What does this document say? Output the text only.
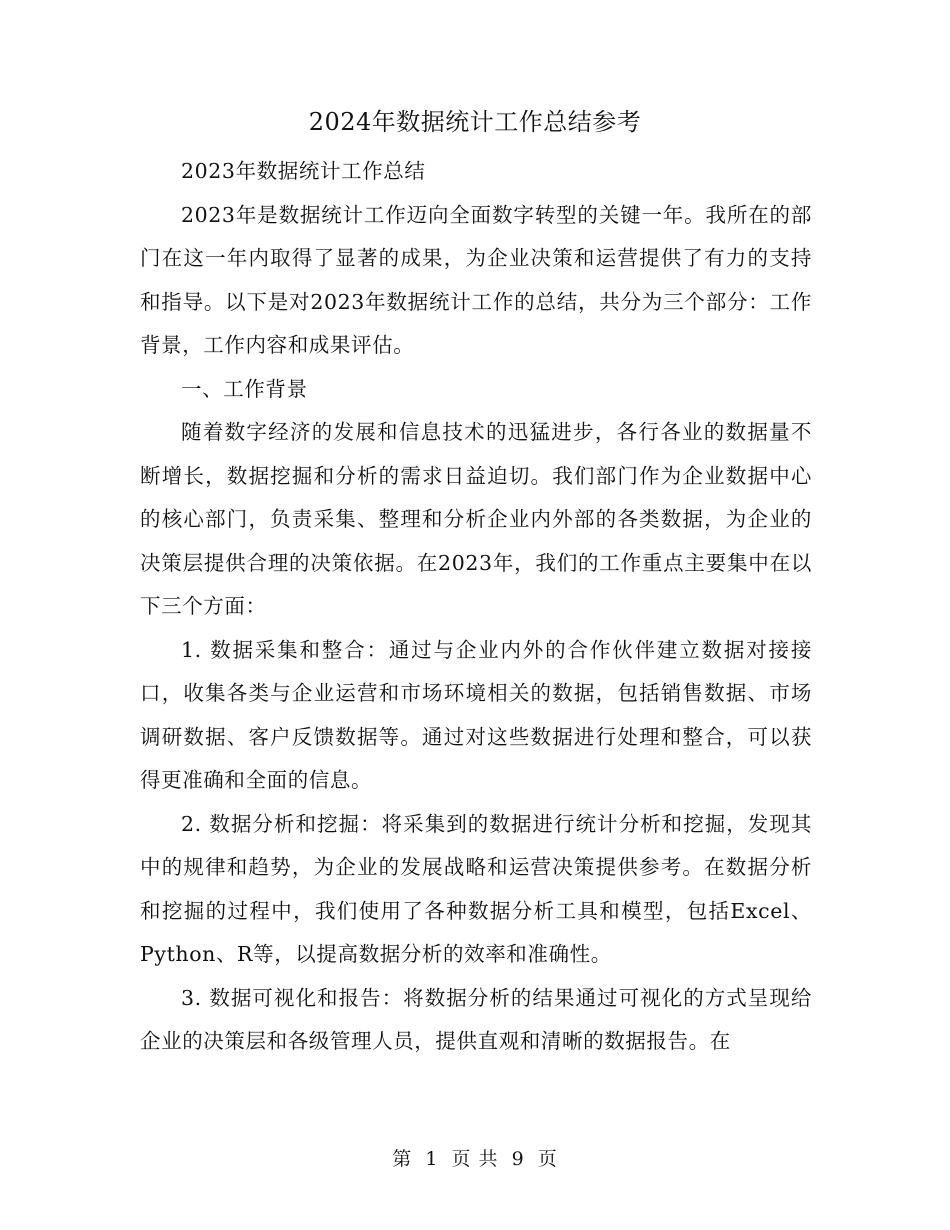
2024年数据统计工作总结参考

2023年数据统计工作总结

2023年是数据统计工作迈向全面数字转型的关键一年。我所在的部门在这一年内取得了显著的成果，为企业决策和运营提供了有力的支持和指导。以下是对2023年数据统计工作的总结，共分为三个部分：工作背景，工作内容和成果评估。

一、工作背景

随着数字经济的发展和信息技术的迅猛进步，各行各业的数据量不断增长，数据挖掘和分析的需求日益迫切。我们部门作为企业数据中心的核心部门，负责采集、整理和分析企业内外部的各类数据，为企业的决策层提供合理的决策依据。在2023年，我们的工作重点主要集中在以下三个方面：

1. 数据采集和整合：通过与企业内外的合作伙伴建立数据对接接口，收集各类与企业运营和市场环境相关的数据，包括销售数据、市场调研数据、客户反馈数据等。通过对这些数据进行处理和整合，可以获得更准确和全面的信息。

2. 数据分析和挖掘：将采集到的数据进行统计分析和挖掘，发现其中的规律和趋势，为企业的发展战略和运营决策提供参考。在数据分析和挖掘的过程中，我们使用了各种数据分析工具和模型，包括Excel、Python、R等，以提高数据分析的效率和准确性。

3. 数据可视化和报告：将数据分析的结果通过可视化的方式呈现给企业的决策层和各级管理人员，提供直观和清晰的数据报告。在

第 1 页 共 9 页
